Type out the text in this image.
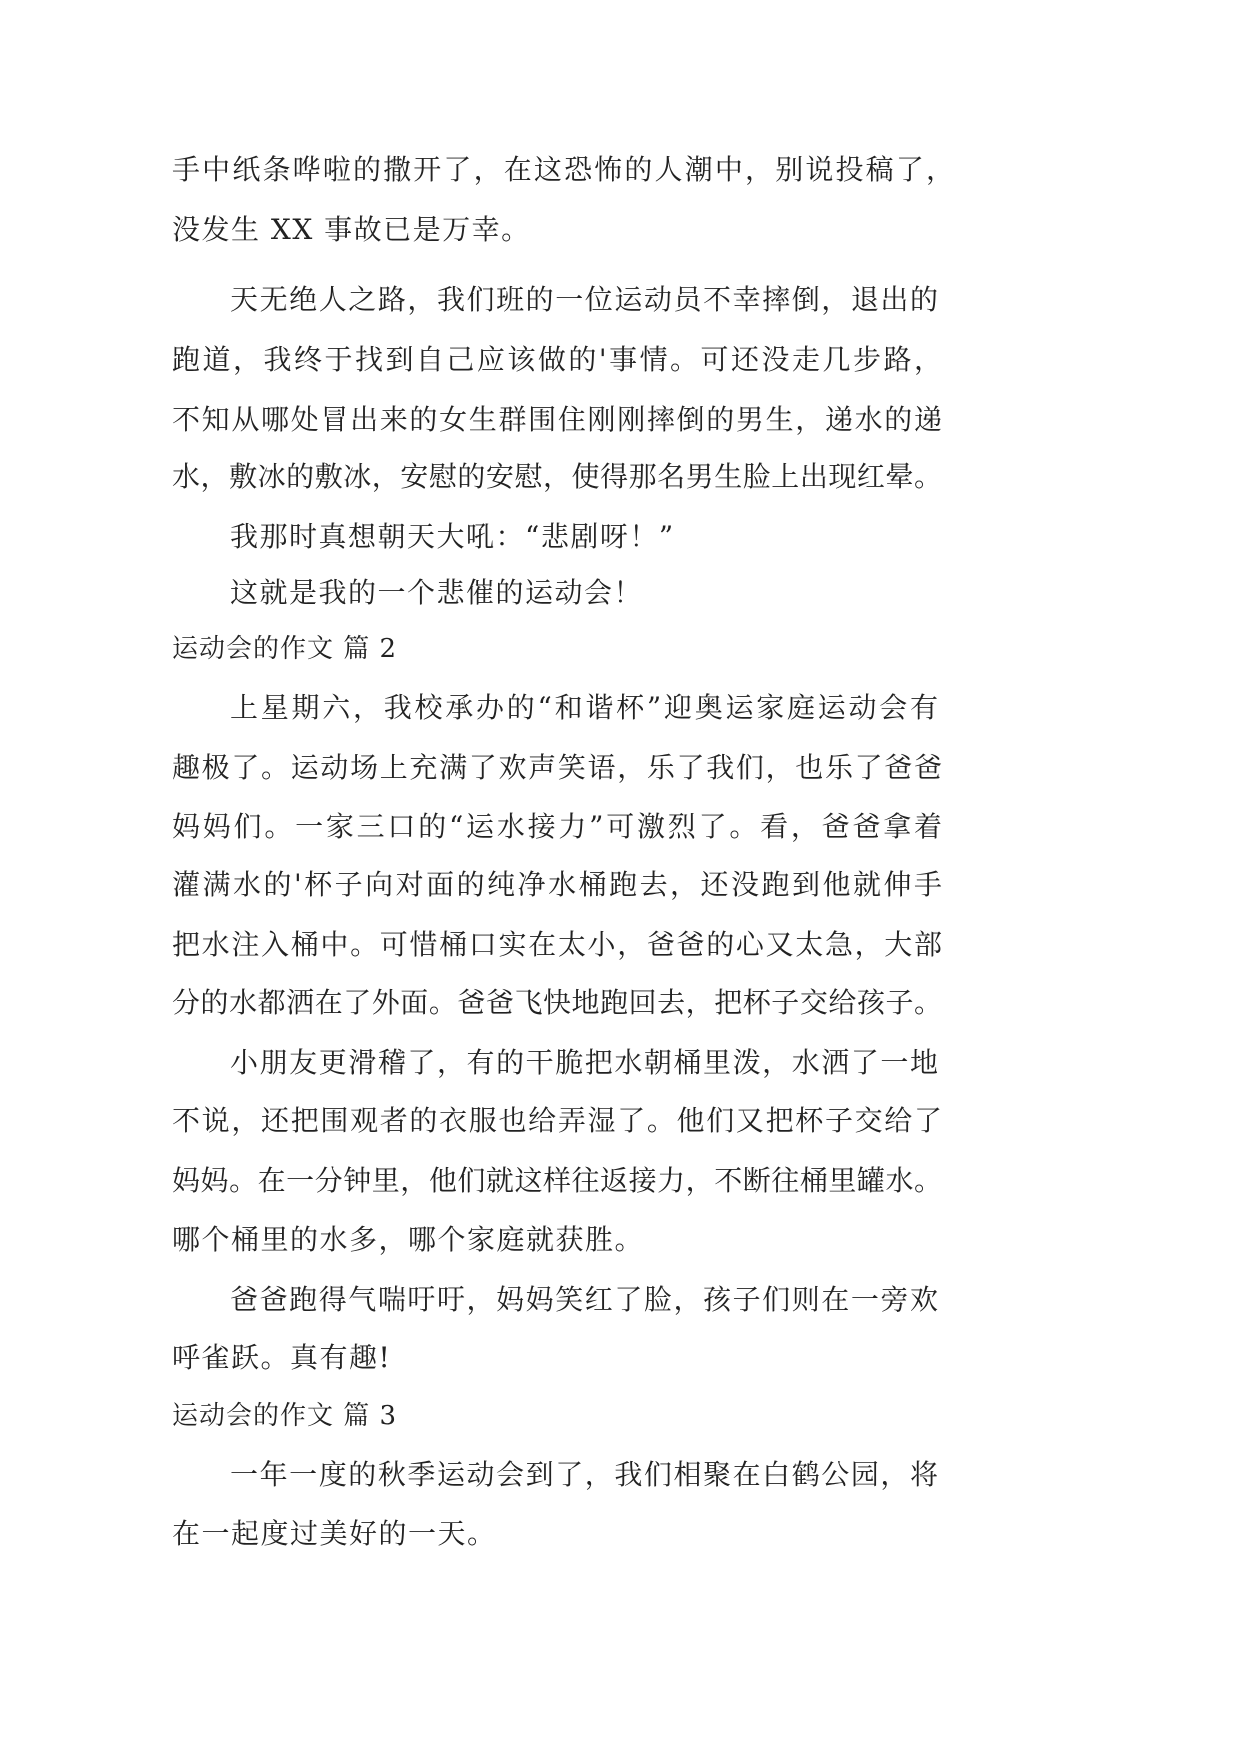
手中纸条哗啦的撒开了，在这恐怖的人潮中，别说投稿了，
没发生 XX 事故已是万幸。
天无绝人之路，我们班的一位运动员不幸摔倒，退出的
跑道，我终于找到自己应该做的'事情。可还没走几步路，
不知从哪处冒出来的女生群围住刚刚摔倒的男生，递水的递
水，敷冰的敷冰，安慰的安慰，使得那名男生脸上出现红晕。
我那时真想朝天大吼：“悲剧呀！”
这就是我的一个悲催的运动会！
运动会的作文 篇 2
上星期六，我校承办的“和谐杯”迎奥运家庭运动会有
趣极了。运动场上充满了欢声笑语，乐了我们，也乐了爸爸
妈妈们。一家三口的“运水接力”可激烈了。看，爸爸拿着
灌满水的'杯子向对面的纯净水桶跑去，还没跑到他就伸手
把水注入桶中。可惜桶口实在太小，爸爸的心又太急，大部
分的水都洒在了外面。爸爸飞快地跑回去，把杯子交给孩子。
小朋友更滑稽了，有的干脆把水朝桶里泼，水洒了一地
不说，还把围观者的衣服也给弄湿了。他们又把杯子交给了
妈妈。在一分钟里，他们就这样往返接力，不断往桶里罐水。
哪个桶里的水多，哪个家庭就获胜。
爸爸跑得气喘吁吁，妈妈笑红了脸，孩子们则在一旁欢
呼雀跃。真有趣!
运动会的作文 篇 3
一年一度的秋季运动会到了，我们相聚在白鹤公园，将
在一起度过美好的一天。
